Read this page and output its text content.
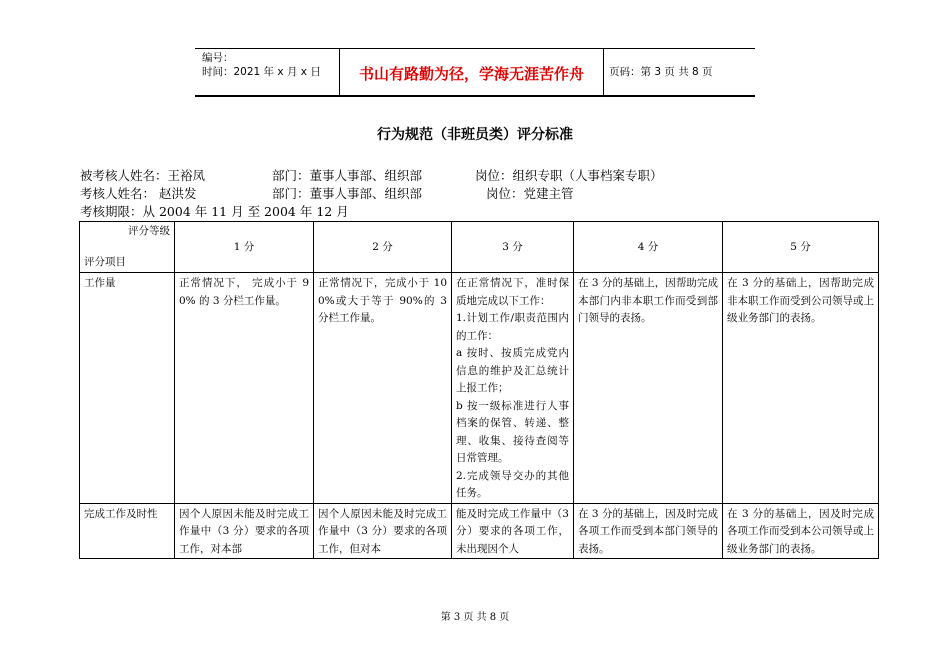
编号：
时间：2021 年 x 月 x 日	书山有路勤为径，学海无涯苦作舟	页码：第 3 页 共 8 页
行为规范（非班员类）评分标准
被考核人姓名：王裕凤	部门：董事人事部、组织部	岗位：组织专职（人事档案专职）
考核人姓名： 赵洪发	部门：董事人事部、组织部	岗位：党建主管
考核期限：从 2004 年 11 月 至 2004 年 12 月
评分等级
评分项目	1 分	2 分	3 分	4 分	5 分
工作量	正常情况下， 完成小于 90% 的 3 分栏工作量。	正常情况下，完成小于 100%或大于等于 90%的 3 分栏工作量。	在正常情况下，准时保质地完成以下工作：
1.计划工作/职责范围内的工作：
a 按时、按质完成党内信息的维护及汇总统计上报工作；
b 按一级标准进行人事档案的保管、转递、整理、收集、接待查阅等日常管理。
2.完成领导交办的其他任务。	在 3 分的基础上，因帮助完成本部门内非本职工作而受到部门领导的表扬。	在 3 分的基础上，因帮助完成非本职工作而受到公司领导或上级业务部门的表扬。
完成工作及时性	因个人原因未能及时完成工作量中（3 分）要求的各项工作，对本部	因个人原因未能及时完成工作量中（3 分）要求的各项工作，但对本	能及时完成工作量中（3 分）要求的各项工作，未出现因个人	在 3 分的基础上，因及时完成各项工作而受到本部门领导的表扬。	在 3 分的基础上，因及时完成各项工作而受到本公司领导或上级业务部门的表扬。
第 3 页 共 8 页
